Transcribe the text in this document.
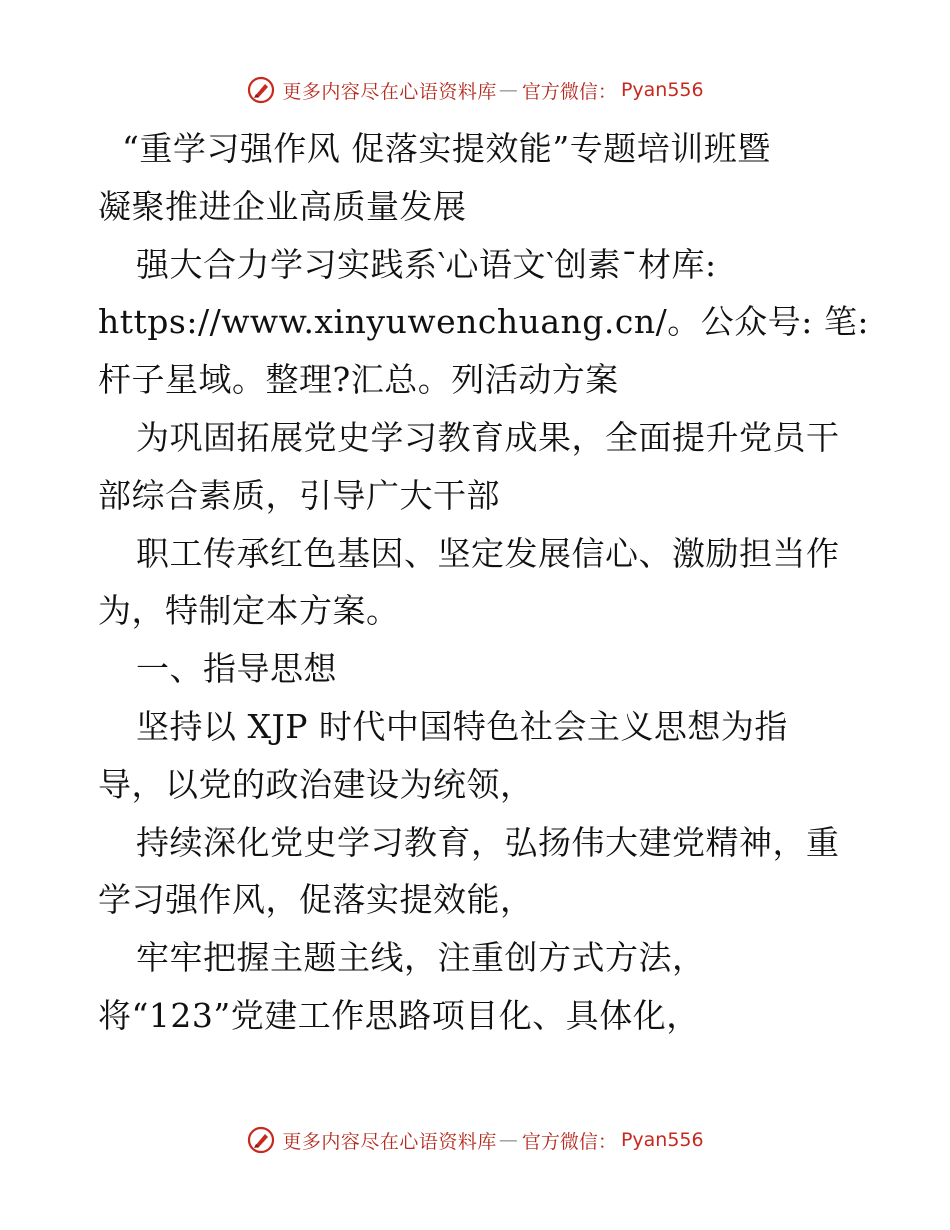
更多内容尽在心语资料库 — 官方微信： Pyan556
“重学习强作风 促落实提效能”专题培训班暨
凝聚推进企业高质量发展
强大合力学习实践系‵心语文‵创素¯材库:
https://www.xinyuwenchuang.cn/。公众号: 笔:
杆子星域。整理?汇总。列活动方案
为巩固拓展党史学习教育成果，全面提升党员干
部综合素质，引导广大干部
职工传承红色基因、坚定发展信心、激励担当作
为，特制定本方案。
一、指导思想
坚持以 XJP 时代中国特色社会主义思想为指
导，以党的政治建设为统领，
持续深化党史学习教育，弘扬伟大建党精神，重
学习强作风，促落实提效能，
牢牢把握主题主线，注重创方式方法，
将“123”党建工作思路项目化、具体化，
更多内容尽在心语资料库 — 官方微信： Pyan556
